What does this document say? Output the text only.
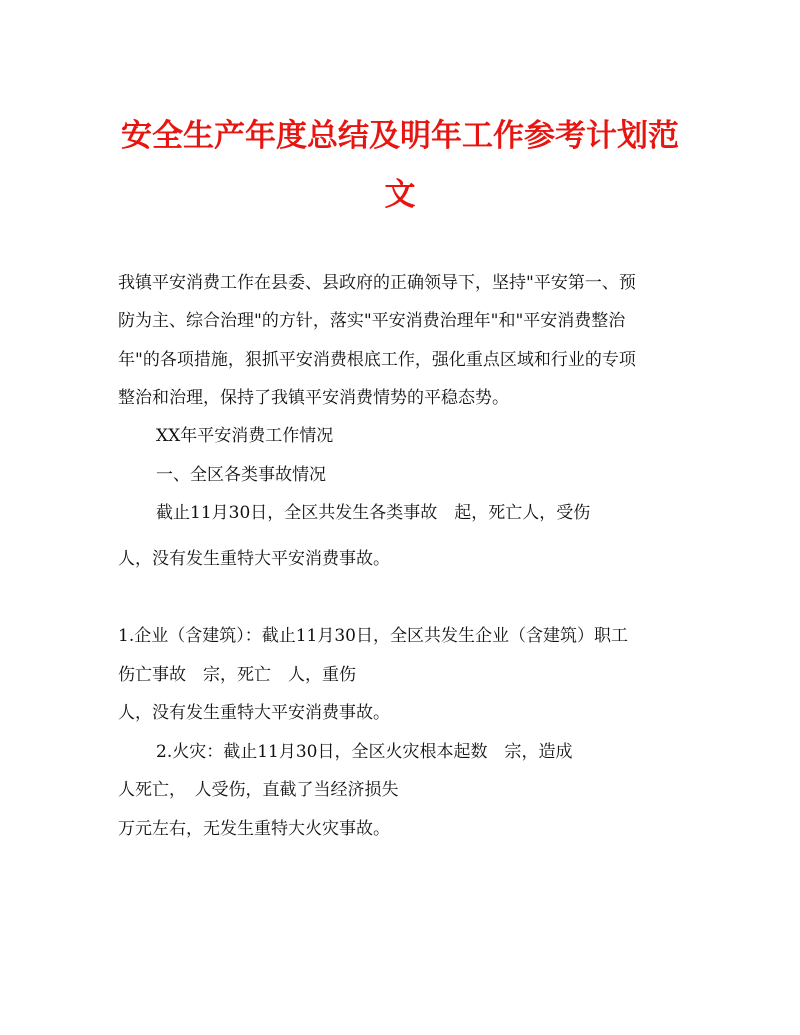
安全生产年度总结及明年工作参考计划范
文

我镇平安消费工作在县委、县政府的正确领导下，坚持"平安第一、预

防为主、综合治理"的方针，落实"平安消费治理年"和"平安消费整治

年"的各项措施，狠抓平安消费根底工作，强化重点区域和行业的专项

整治和治理，保持了我镇平安消费情势的平稳态势。

XX年平安消费工作情况

一、全区各类事故情况

截止11月30日，全区共发生各类事故　起，死亡人，受伤

人，没有发生重特大平安消费事故。

1.企业（含建筑）：截止11月30日，全区共发生企业（含建筑）职工

伤亡事故　宗，死亡　人，重伤

人，没有发生重特大平安消费事故。

2.火灾：截止11月30日，全区火灾根本起数　宗，造成

人死亡，　人受伤，直截了当经济损失

万元左右，无发生重特大火灾事故。
